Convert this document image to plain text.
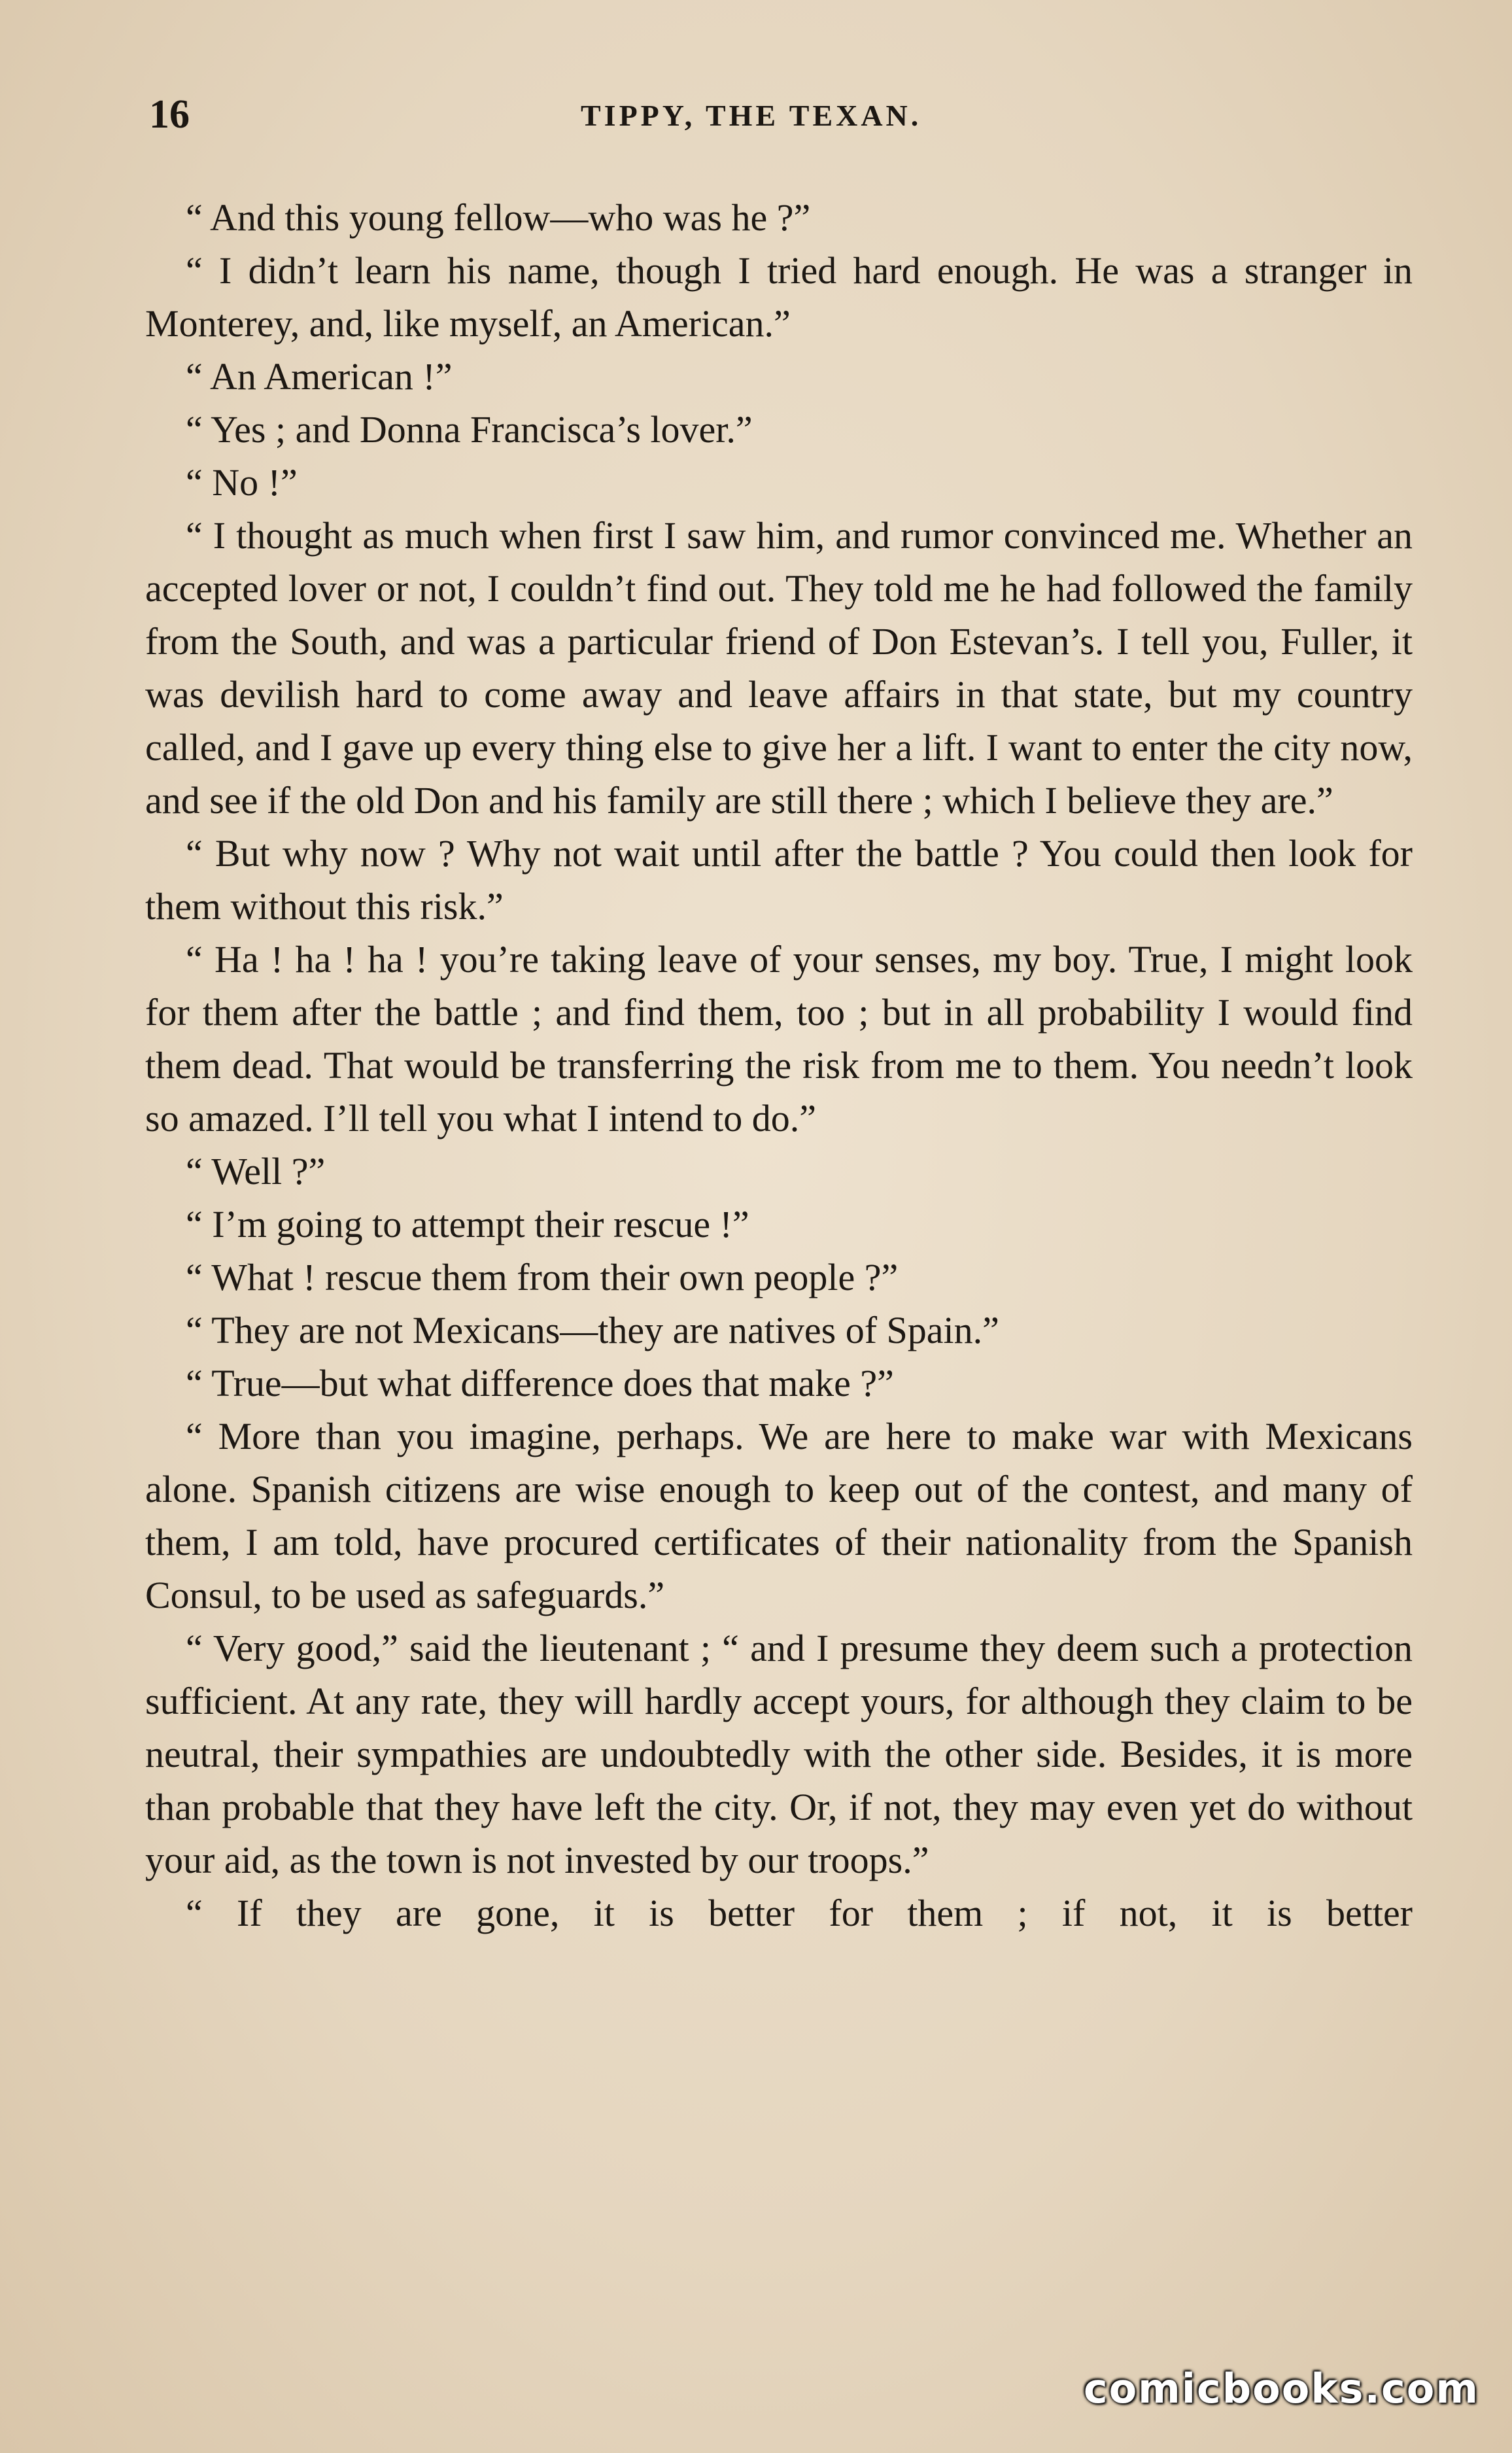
16	TIPPY, THE TEXAN.

“ And this young fellow—who was he ?”

“ I didn’t learn his name, though I tried hard enough. He was a stranger in Monterey, and, like myself, an American.”

“ An American !”

“ Yes ; and Donna Francisca’s lover.”

“ No !”

“ I thought as much when first I saw him, and rumor convinced me. Whether an accepted lover or not, I couldn’t find out. They told me he had followed the family from the South, and was a particular friend of Don Estevan’s. I tell you, Fuller, it was devilish hard to come away and leave affairs in that state, but my country called, and I gave up every thing else to give her a lift. I want to enter the city now, and see if the old Don and his family are still there ; which I believe they are.”

“ But why now ? Why not wait until after the battle ? You could then look for them without this risk.”

“ Ha ! ha ! ha ! you’re taking leave of your senses, my boy. True, I might look for them after the battle ; and find them, too ; but in all probability I would find them dead. That would be transferring the risk from me to them. You needn’t look so amazed. I’ll tell you what I intend to do.”

“ Well ?”

“ I’m going to attempt their rescue !”

“ What ! rescue them from their own people ?”

“ They are not Mexicans—they are natives of Spain.”

“ True—but what difference does that make ?”

“ More than you imagine, perhaps. We are here to make war with Mexicans alone. Spanish citizens are wise enough to keep out of the contest, and many of them, I am told, have procured certificates of their nationality from the Spanish Consul, to be used as safeguards.”

“ Very good,” said the lieutenant ; “ and I presume they deem such a protection sufficient. At any rate, they will hardly accept yours, for although they claim to be neutral, their sympathies are undoubtedly with the other side. Besides, it is more than probable that they have left the city. Or, if not, they may even yet do without your aid, as the town is not invested by our troops.”

“ If they are gone, it is better for them ; if not, it is better

comicbooks.com
